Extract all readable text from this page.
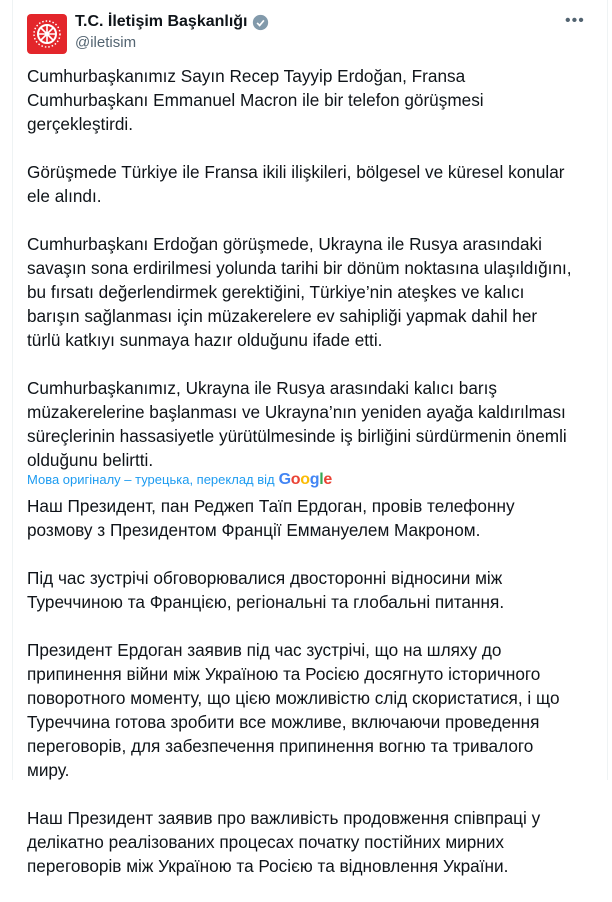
T.C. İletişim Başkanlığı
@iletisim
•••

Cumhurbaşkanımız Sayın Recep Tayyip Erdoğan, Fransa Cumhurbaşkanı Emmanuel Macron ile bir telefon görüşmesi gerçekleştirdi.

Görüşmede Türkiye ile Fransa ikili ilişkileri, bölgesel ve küresel konular ele alındı.

Cumhurbaşkanı Erdoğan görüşmede, Ukrayna ile Rusya arasındaki savaşın sona erdirilmesi yolunda tarihi bir dönüm noktasına ulaşıldığını, bu fırsatı değerlendirmek gerektiğini, Türkiye’nin ateşkes ve kalıcı barışın sağlanması için müzakerelere ev sahipliği yapmak dahil her türlü katkıyı sunmaya hazır olduğunu ifade etti.

Cumhurbaşkanımız, Ukrayna ile Rusya arasındaki kalıcı barış müzakerelerine başlanması ve Ukrayna’nın yeniden ayağa kaldırılması süreçlerinin hassasiyetle yürütülmesinde iş birliğini sürdürmenin önemli olduğunu belirtti.

Мова оригіналу – турецька, переклад від Google

Наш Президент, пан Реджеп Таїп Ердоган, провів телефонну розмову з Президентом Франції Еммануелем Макроном.

Під час зустрічі обговорювалися двосторонні відносини між Туреччиною та Францією, регіональні та глобальні питання.

Президент Ердоган заявив під час зустрічі, що на шляху до припинення війни між Україною та Росією досягнуто історичного поворотного моменту, що цією можливістю слід скористатися, і що Туреччина готова зробити все можливе, включаючи проведення переговорів, для забезпечення припинення вогню та тривалого миру.

Наш Президент заявив про важливість продовження співпраці у делікатно реалізованих процесах початку постійних мирних переговорів між Україною та Росією та відновлення України.
